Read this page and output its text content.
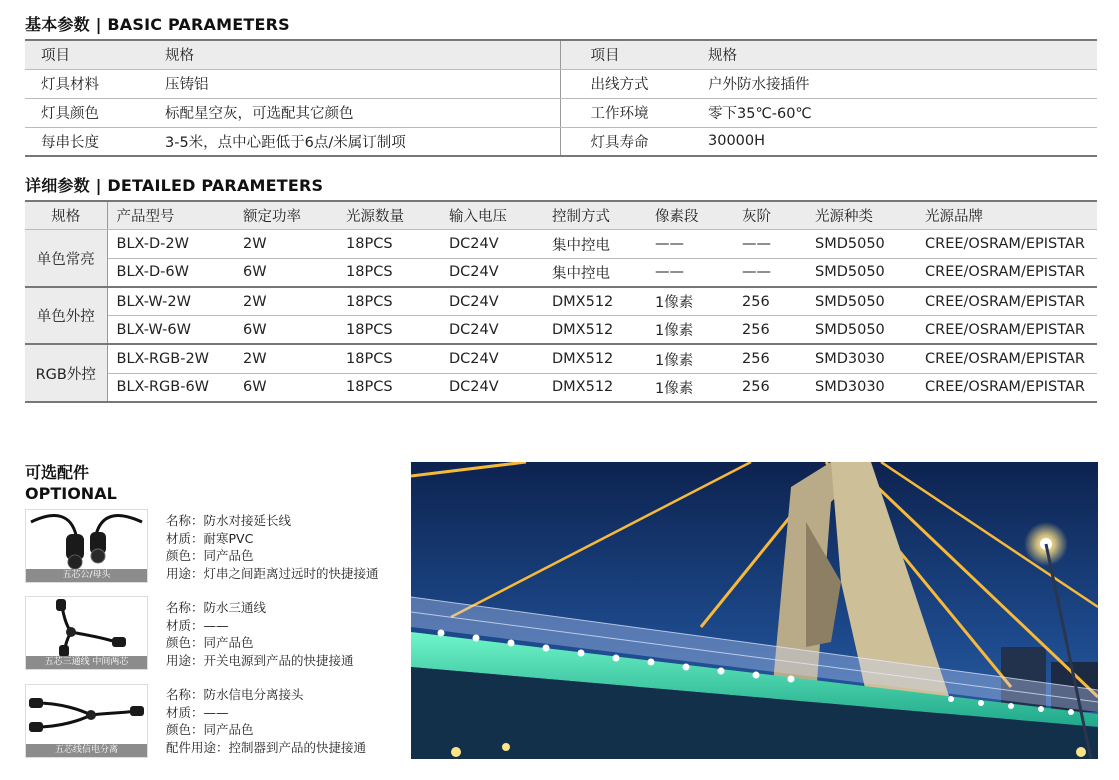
基本参数 | BASIC PARAMETERS
项目	规格	项目	规格
灯具材料	压铸铝	出线方式	户外防水接插件
灯具颜色	标配星空灰，可选配其它颜色	工作环境	零下35℃-60℃
每串长度	3-5米，点中心距低于6点/米属订制项	灯具寿命	30000H
详细参数 | DETAILED PARAMETERS
规格	产品型号	额定功率	光源数量	输入电压	控制方式	像素段	灰阶	光源种类	光源品牌
单色常亮	BLX-D-2W	2W	18PCS	DC24V	集中控电	——	——	SMD5050	CREE/OSRAM/EPISTAR
	BLX-D-6W	6W	18PCS	DC24V	集中控电	——	——	SMD5050	CREE/OSRAM/EPISTAR
单色外控	BLX-W-2W	2W	18PCS	DC24V	DMX512	1像素	256	SMD5050	CREE/OSRAM/EPISTAR
	BLX-W-6W	6W	18PCS	DC24V	DMX512	1像素	256	SMD5050	CREE/OSRAM/EPISTAR
RGB外控	BLX-RGB-2W	2W	18PCS	DC24V	DMX512	1像素	256	SMD3030	CREE/OSRAM/EPISTAR
	BLX-RGB-6W	6W	18PCS	DC24V	DMX512	1像素	256	SMD3030	CREE/OSRAM/EPISTAR
可选配件
OPTIONAL
五芯公/母头
名称：防水对接延长线
材质：耐寒PVC
颜色：同产品色
用途：灯串之间距离过远时的快捷接通
五芯三通线 中间两芯
名称：防水三通线
材质：——
颜色：同产品色
用途：开关电源到产品的快捷接通
五芯线信电分离
名称：防水信电分离接头
材质：——
颜色：同产品色
配件用途：控制器到产品的快捷接通
